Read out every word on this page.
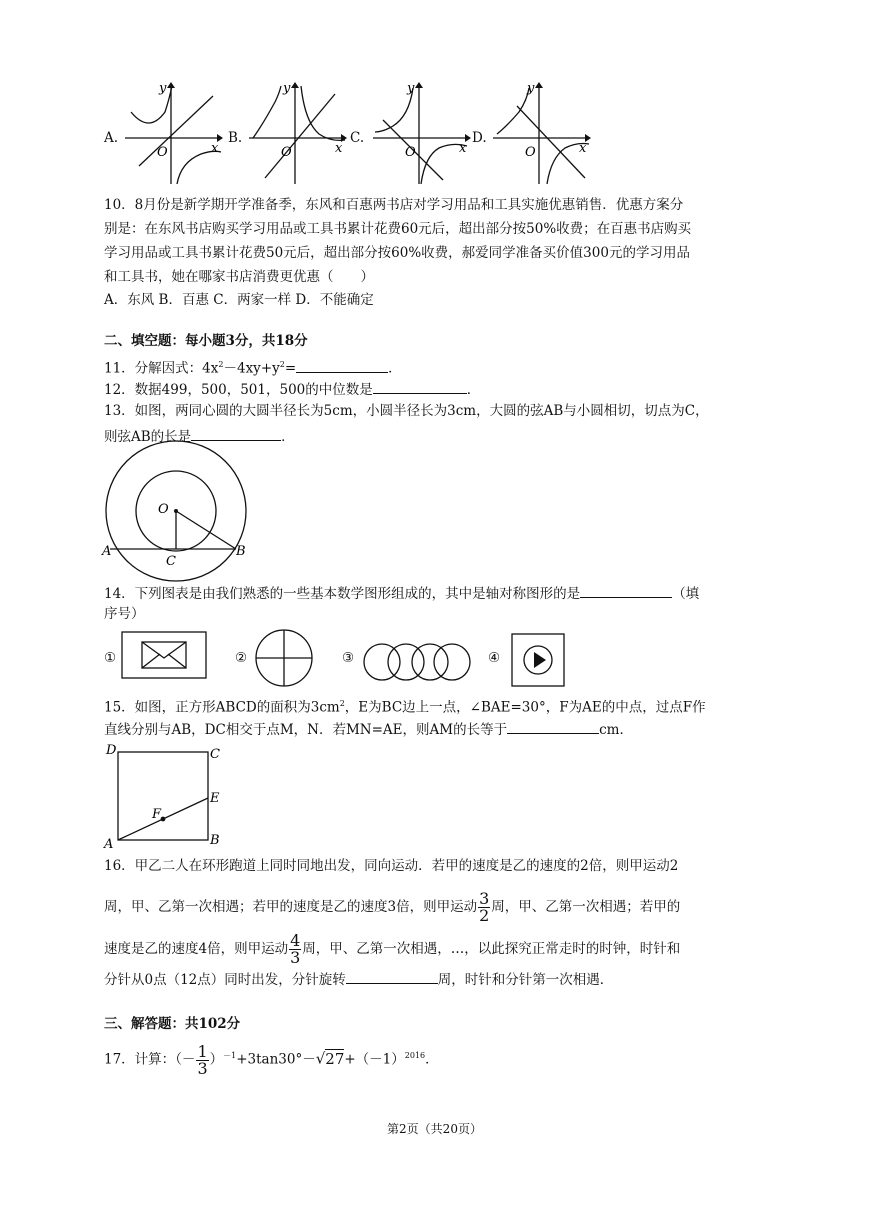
A.
y
x
O
B.
y
x
O
C.
y
x
O
D.
y
x
O
10．8月份是新学期开学准备季，东风和百惠两书店对学习用品和工具实施优惠销售．优惠方案分
别是：在东风书店购买学习用品或工具书累计花费60元后，超出部分按50%收费；在百惠书店购买
学习用品或工具书累计花费50元后，超出部分按60%收费，郝爱同学准备买价值300元的学习用品
和工具书，她在哪家书店消费更优惠（　　）
A．东风 B．百惠 C．两家一样 D．不能确定
二、填空题：每小题3分，共18分
11．分解因式：$4x^2-4xy+y^2=$	．
12．数据499，500，501，500的中位数是	．
13．如图，两同心圆的大圆半径长为5cm，小圆半径长为3cm，大圆的弦AB与小圆相切，切点为C，
则弦AB的长是	．
O
A	B
C
14．下列图表是由我们熟悉的一些基本数学图形组成的，其中是轴对称图形的是	（填
序号）
①	②	③	④
15．如图，正方形ABCD的面积为$3cm^2$，E为BC边上一点，∠BAE=30°，F为AE的中点，过点F作
直线分别与AB，DC相交于点M，N．若MN=AE，则AM的长等于	cm．
D	C
E
F
A	B
16．甲乙二人在环形跑道上同时同地出发，同向运动．若甲的速度是乙的速度的2倍，则甲运动2
周，甲、乙第一次相遇；若甲的速度是乙的速度3倍，则甲运动 $\frac{3}{2}$ 周，甲、乙第一次相遇；若甲的
速度是乙的速度4倍，则甲运动 $\frac{4}{3}$ 周，甲、乙第一次相遇，…，以此探究正常走时的时钟，时针和
分针从0点（12点）同时出发，分针旋转	周，时针和分针第一次相遇．
三、解答题：共102分
17．计算：（－ $\frac{1}{3} )^{-1}+3\tan 30^\circ-√27+(-1)^{2016}$．
第2页（共20页）
